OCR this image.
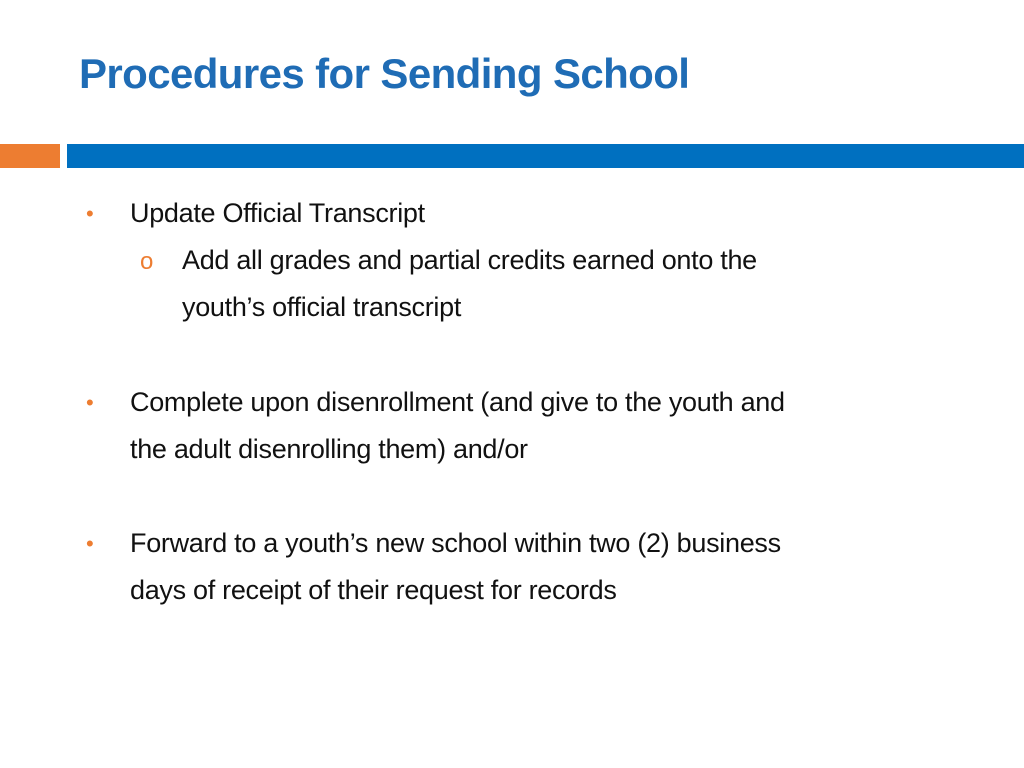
Procedures for Sending School
• Update Official Transcript
o Add all grades and partial credits earned onto the
youth’s official transcript
• Complete upon disenrollment (and give to the youth and
the adult disenrolling them) and/or
• Forward to a youth’s new school within two (2) business
days of receipt of their request for records
